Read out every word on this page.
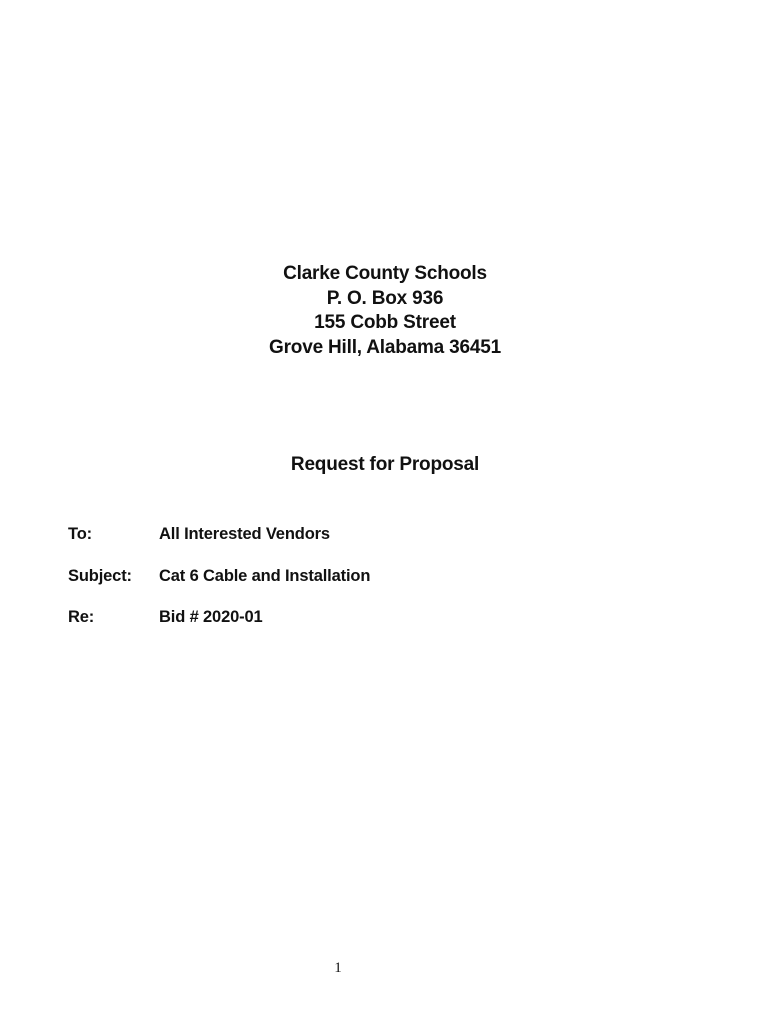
Clarke County Schools
P. O. Box 936
155 Cobb Street
Grove Hill, Alabama 36451
Request for Proposal
To:	All Interested Vendors
Subject: Cat 6 Cable and Installation
Re:	Bid # 2020-01
1
